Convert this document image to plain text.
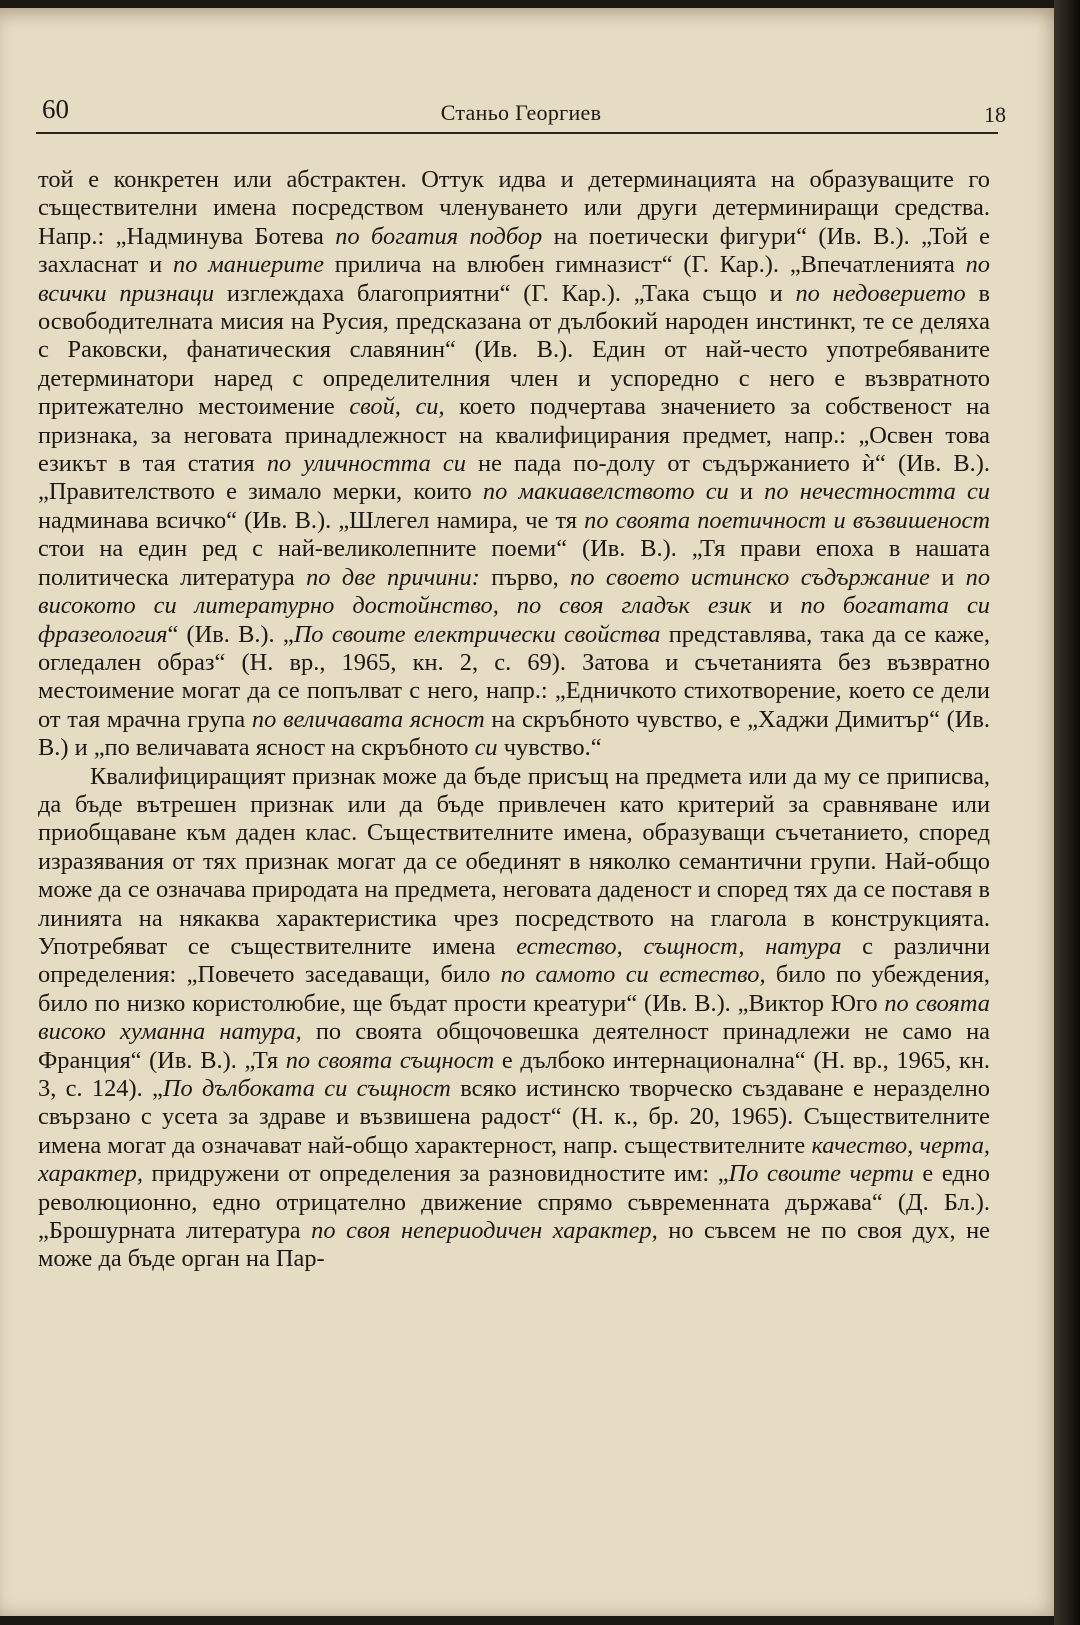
60	Станьо Георгиев	18

той е конкретен или абстрактен. Оттук идва и детерминацията на образуващите го съществителни имена посредством членуването или други детерминиращи средства. Напр.: „Надминува Ботева по богатия подбор на поетически фигури“ (Ив. В.). „Той е захласнат и по маниерите прилича на влюбен гимназист“ (Г. Кар.). „Впечатленията по всички признаци изглеждаха благоприятни“ (Г. Кар.). „Така също и по недоверието в освободителната мисия на Русия, предсказана от дълбокий народен инстинкт, те се деляха с Раковски, фанатическия славянин“ (Ив. В.). Един от най-често употребяваните детерминатори наред с определителния член и успоредно с него е възвратното притежателно местоимение свой, си, което подчертава значението за собственост на признака, за неговата принадлежност на квалифицирания предмет, напр.: „Освен това езикът в тая статия по уличността си не пада по-долу от съдържанието ѝ“ (Ив. В.). „Правителството е зимало мерки, които по макиавелството си и по нечестността си надминава всичко“ (Ив. В.). „Шлегел намира, че тя по своята поетичност и възвишеност стои на един ред с най-великолепните поеми“ (Ив. В.). „Тя прави епоха в нашата политическа литература по две причини: първо, по своето истинско съдържание и по високото си литературно достойнство, по своя гладък език и по богатата си фразеология“ (Ив. В.). „По своите електрически свойства представлява, така да се каже, огледален образ“ (Н. вр., 1965, кн. 2, с. 69). Затова и съчетанията без възвратно местоимение могат да се попълват с него, напр.: „Едничкото стихотворение, което се дели от тая мрачна група по величавата ясност на скръбното чувство, е „Хаджи Димитър“ (Ив. В.) и „по величавата ясност на скръбното си чувство.“

Квалифициращият признак може да бъде присъщ на предмета или да му се приписва, да бъде вътрешен признак или да бъде привлечен като критерий за сравняване или приобщаване към даден клас. Съществителните имена, образуващи съчетанието, според изразявания от тях признак могат да се обединят в няколко семантични групи. Най-общо може да се означава природата на предмета, неговата даденост и според тях да се поставя в линията на някаква характеристика чрез посредството на глагола в конструкцията. Употребяват се съществителните имена естество, същност, натура с различни определения: „Повечето заседаващи, било по самото си естество, било по убеждения, било по низко користолюбие, ще бъдат прости креатури“ (Ив. В.). „Виктор Юго по своята високо хуманна натура, по своята общочовешка деятелност принадлежи не само на Франция“ (Ив. В.). „Тя по своята същност е дълбоко интернационална“ (Н. вр., 1965, кн. 3, с. 124). „По дълбоката си същност всяко истинско творческо създаване е неразделно свързано с усета за здраве и възвишена радост“ (Н. к., бр. 20, 1965). Съществителните имена могат да означават най-общо характерност, напр. съществителните качество, черта, характер, придружени от определения за разновидностите им: „По своите черти е едно революционно, едно отрицателно движение спрямо съвременната държава“ (Д. Бл.). „Брошурната литература по своя непериодичен характер, но съвсем не по своя дух, не може да бъде орган на Пар-
